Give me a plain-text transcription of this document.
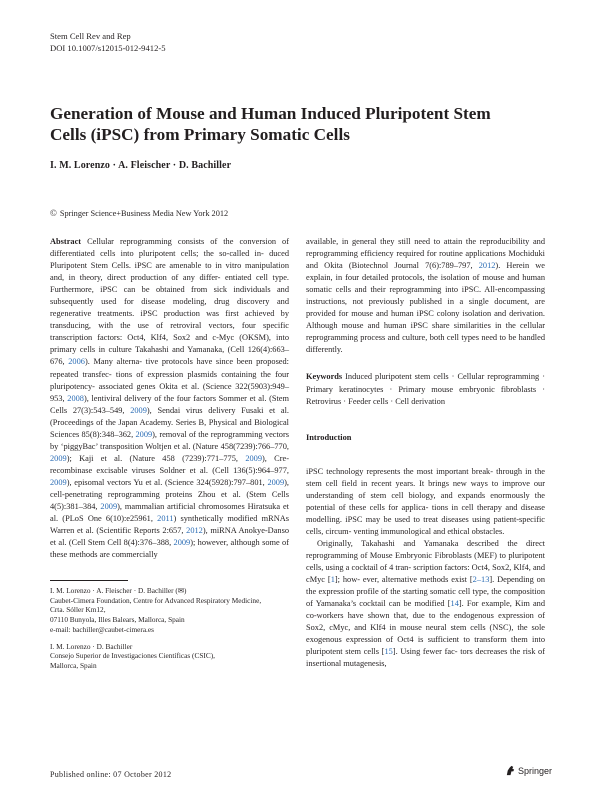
Stem Cell Rev and Rep
DOI 10.1007/s12015-012-9412-5
Generation of Mouse and Human Induced Pluripotent Stem
Cells (iPSC) from Primary Somatic Cells
I. M. Lorenzo · A. Fleischer · D. Bachiller
© Springer Science+Business Media New York 2012

Abstract Cellular reprogramming consists of the conversion of differentiated cells into pluripotent cells; the so-called in- duced Pluripotent Stem Cells. iPSC are amenable to in vitro manipulation and, in theory, direct production of any differ- entiated cell type. Furthermore, iPSC can be obtained from sick individuals and subsequently used for disease modeling, drug discovery and regenerative treatments. iPSC production was first achieved by transducing, with the use of retroviral vectors, four specific transcription factors: Oct4, Klf4, Sox2 and c-Myc (OKSM), into primary cells in culture Takahashi and Yamanaka, (Cell 126(4):663–676, 2006). Many alterna- tive protocols have since been proposed: repeated transfec- tions of expression plasmids containing the four pluripotency- associated genes Okita et al. (Science 322(5903):949–953, 2008), lentiviral delivery of the four factors Sommer et al. (Stem Cells 27(3):543–549, 2009), Sendai virus delivery Fusaki et al. (Proceedings of the Japan Academy. Series B, Physical and Biological Sciences 85(8):348–362, 2009), removal of the reprogramming vectors by ‘piggyBac’ transposition Woltjen et al. (Nature 458(7239):766–770, 2009); Kaji et al. (Nature 458 (7239):771–775, 2009), Cre-recombinase excisable viruses Soldner et al. (Cell 136(5):964–977, 2009), episomal vectors Yu et al. (Science 324(5928):797–801, 2009), cell-penetrating reprogramming proteins Zhou et al. (Stem Cells 4(5):381–384, 2009), mammalian artificial chromosomes Hiratsuka et al. (PLoS One 6(10):e25961, 2011) synthetically modified mRNAs Warren et al. (Scientific Reports 2:657, 2012), miRNA Anokye-Danso et al. (Cell Stem Cell 8(4):376–388, 2009); however, although some of these methods are commercially

I. M. Lorenzo · A. Fleischer · D. Bachiller (✉)

Caubet-Cimera Foundation, Centre for Advanced Respiratory Medicine,

Crta. Sóller Km12,

07110 Bunyola, Illes Balears, Mallorca, Spain

e-mail: bachiller@caubet-cimera.es

I. M. Lorenzo · D. Bachiller

Consejo Superior de Investigaciones Científicas (CSIC),

Mallorca, Spain

available, in general they still need to attain the reproducibility and reprogramming efficiency required for routine applications Mochiduki and Okita (Biotechnol Journal 7(6):789–797, 2012). Herein we explain, in four detailed protocols, the isolation of mouse and human somatic cells and their reprogramming into iPSC. All-encompassing instructions, not previously published in a single document, are provided for mouse and human iPSC colony isolation and derivation. Although mouse and human iPSC share similarities in the cellular reprogramming process and culture, both cell types need to be handled differently.

Keywords Induced pluripotent stem cells · Cellular reprogramming · Primary keratinocytes · Primary mouse embryonic fibroblasts · Retrovirus · Feeder cells · Cell derivation

Introduction

iPSC technology represents the most important break- through in the stem cell field in recent years. It brings new ways to improve our understanding of stem cell biology, and expands enormously the potential of these cells for applica- tions in cell therapy and disease modelling. iPSC may be used to treat diseases using patient-specific cells, circum- venting immunological and ethical obstacles.

Originally, Takahashi and Yamanaka described the direct reprogramming of Mouse Embryonic Fibroblasts (MEF) to pluripotent cells, using a cocktail of 4 tran- scription factors: Oct4, Sox2, Klf4, and cMyc [1]; how- ever, alternative methods exist [2–13]. Depending on the expression profile of the starting somatic cell type, the composition of Yamanaka’s cocktail can be modified [14]. For example, Kim and co-workers have shown that, due to the endogenous expression of Sox2, cMyc, and Klf4 in mouse neural stem cells (NSC), the sole exogenous expression of Oct4 is sufficient to transform them into pluripotent stem cells [15]. Using fewer fac- tors decreases the risk of insertional mutagenesis,

Published online: 07 October 2012	Springer
